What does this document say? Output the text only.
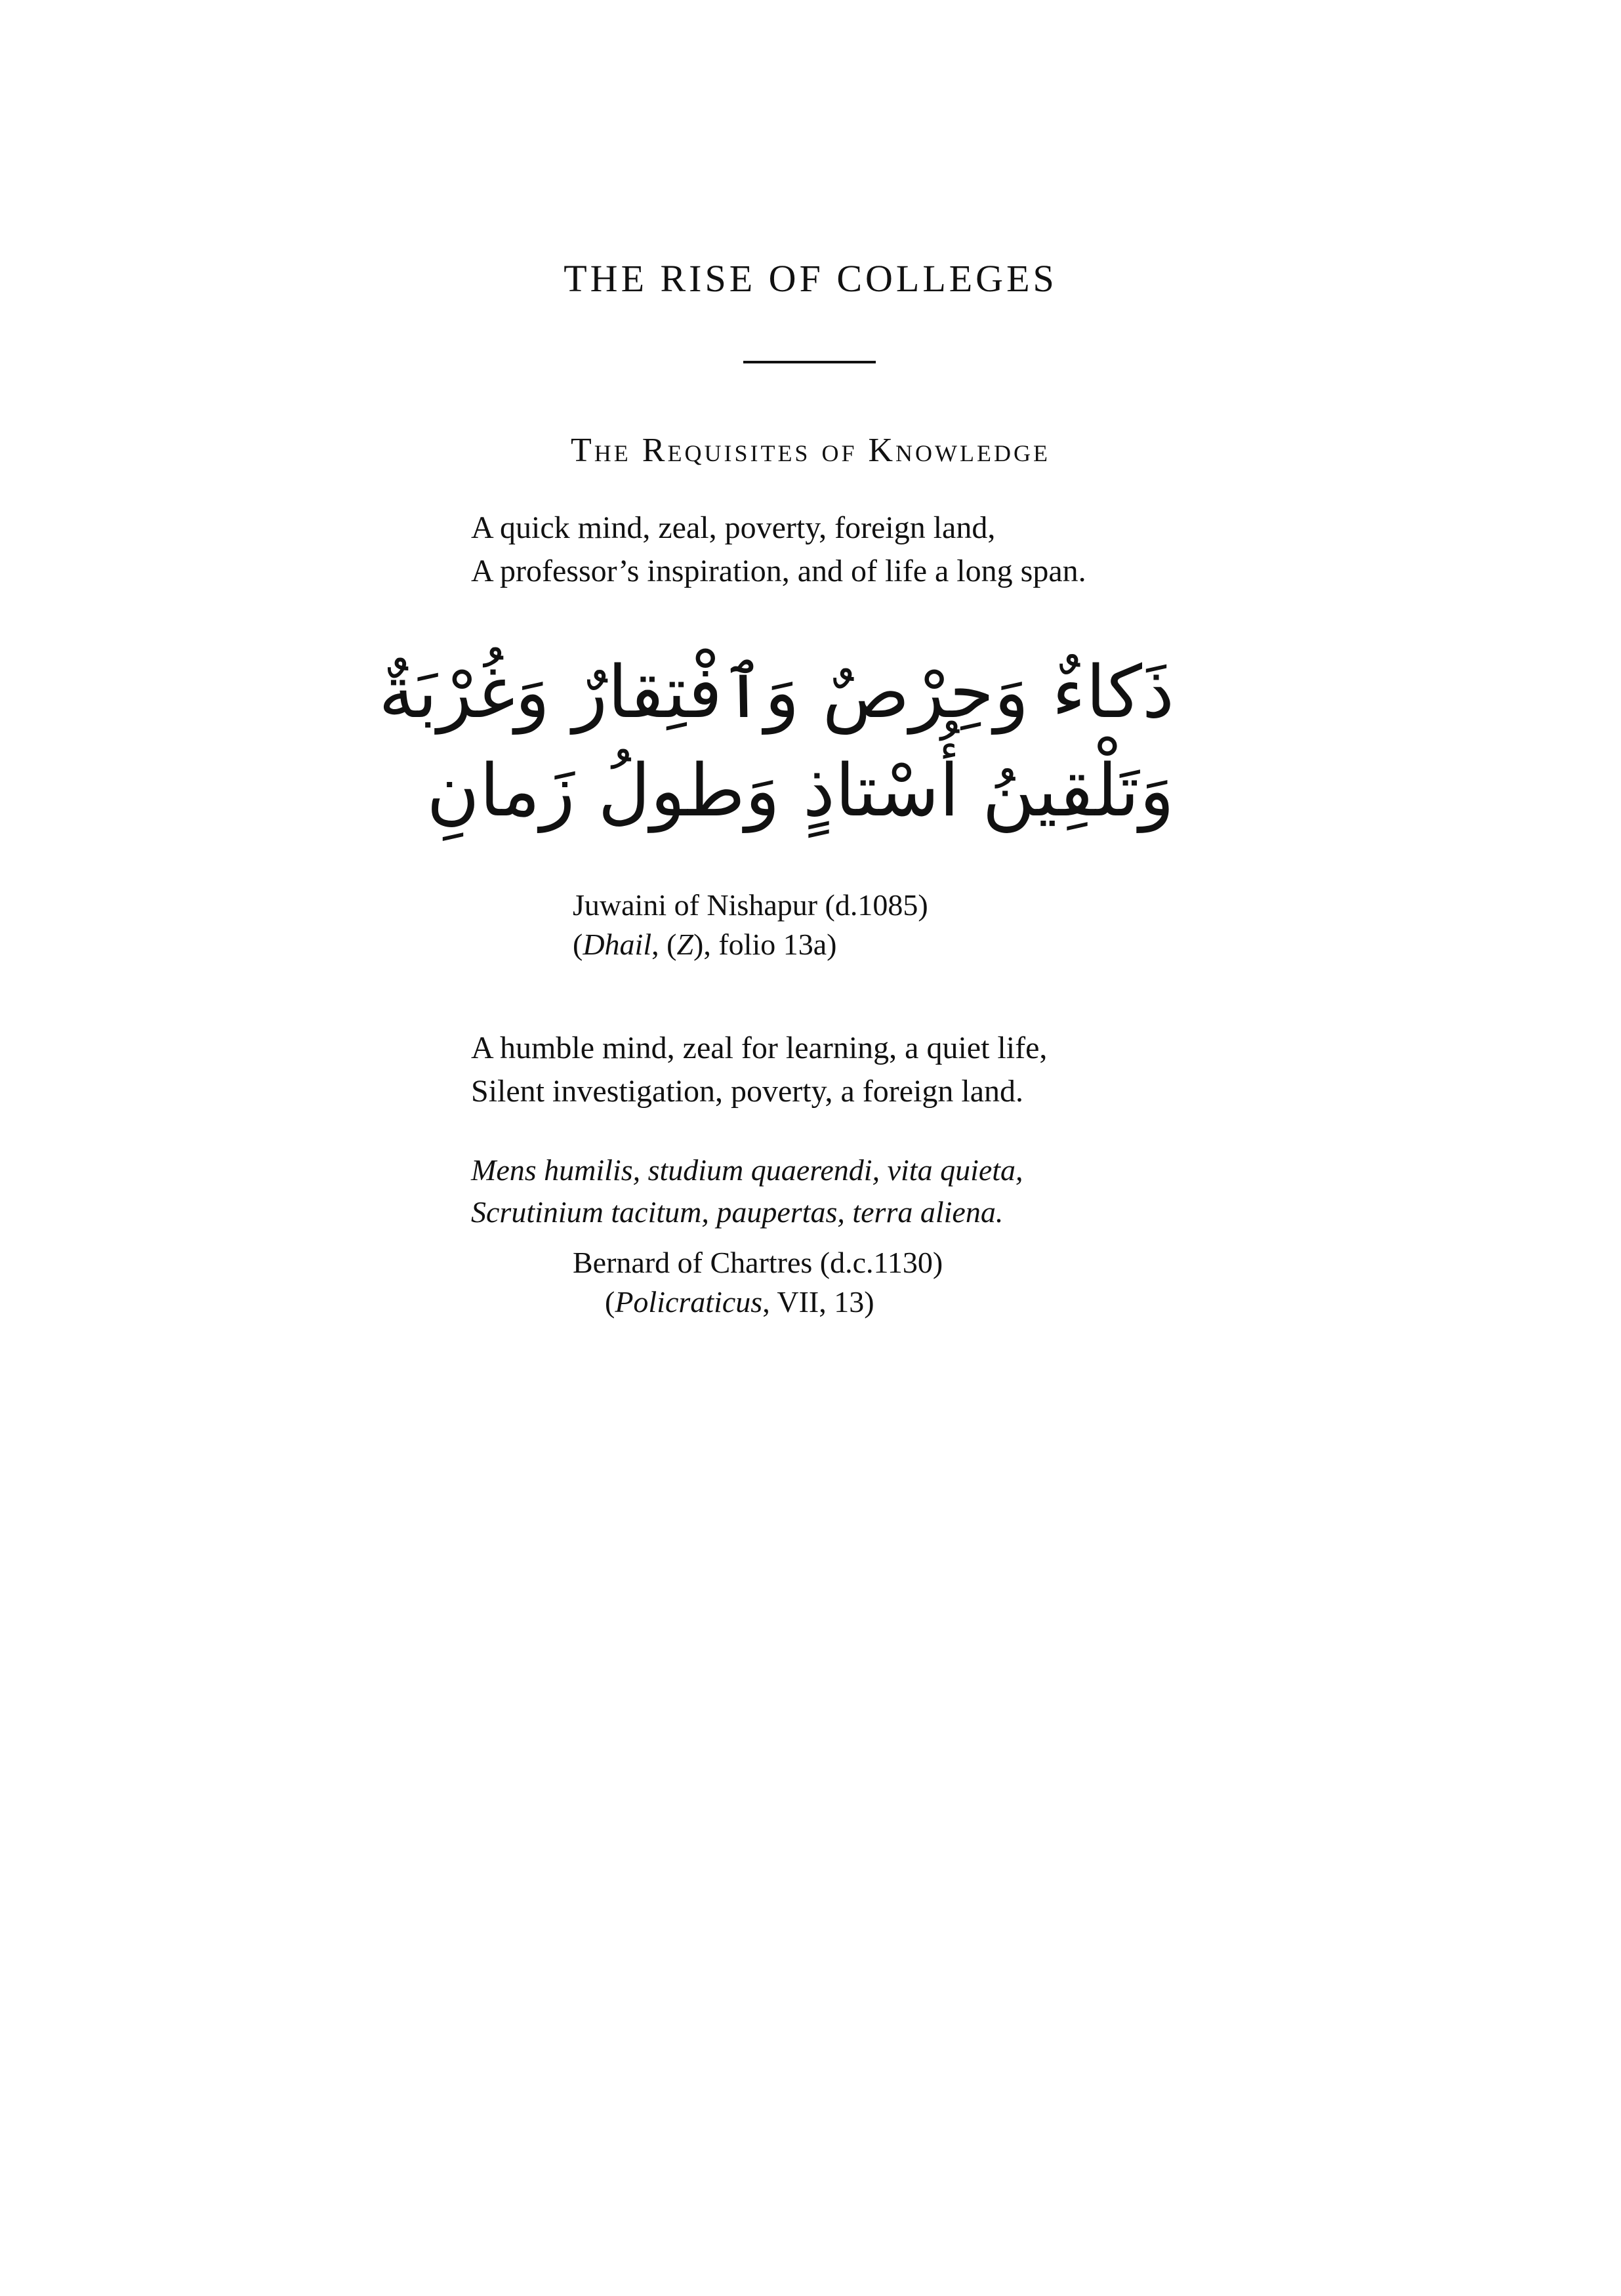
THE RISE OF COLLEGES
The Requisites of Knowledge
A quick mind, zeal, poverty, foreign land,
A professor’s inspiration, and of life a long span.
ذَكاءٌ وَحِرْصٌ وَٱفْتِقارٌ وَغُرْبَةٌ
وَتَلْقِينُ أُسْتاذٍ وَطولُ زَمانِ
Juwaini of Nishapur (d.1085)
(Dhail, (Z), folio 13a)
A humble mind, zeal for learning, a quiet life,
Silent investigation, poverty, a foreign land.
Mens humilis, studium quaerendi, vita quieta,
Scrutinium tacitum, paupertas, terra aliena.
Bernard of Chartres (d.c.1130)
(Policraticus, VII, 13)
